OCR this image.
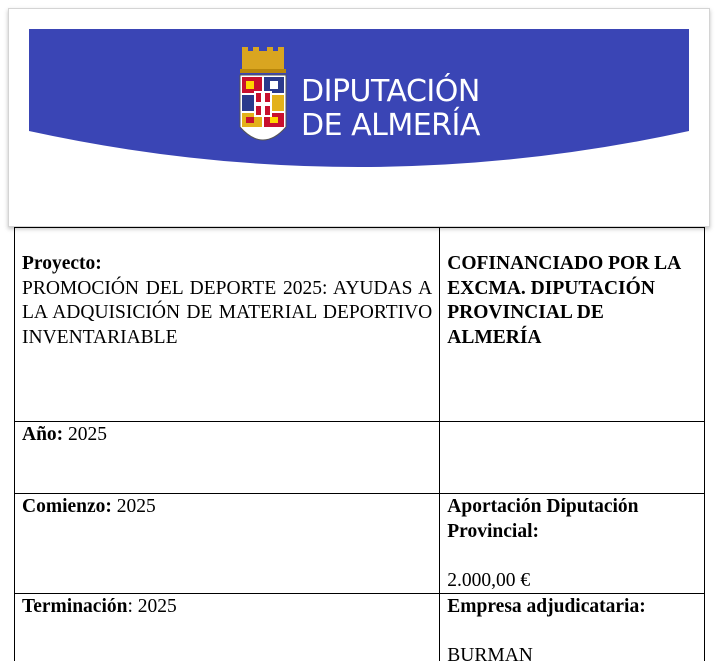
DIPUTACIÓN
DE ALMERÍA
Proyecto:
PROMOCIÓN DEL DEPORTE 2025: AYUDAS A LA ADQUISICIÓN DE MATERIAL DEPORTIVO INVENTARIABLE	COFINANCIADO POR LA EXCMA. DIPUTACIÓN PROVINCIAL DE ALMERÍA

Año: 2025	
Comienzo: 2025	Aportación Diputación Provincial:
2.000,00 €

Terminación: 2025	Empresa adjudicataria:
BURMAN
